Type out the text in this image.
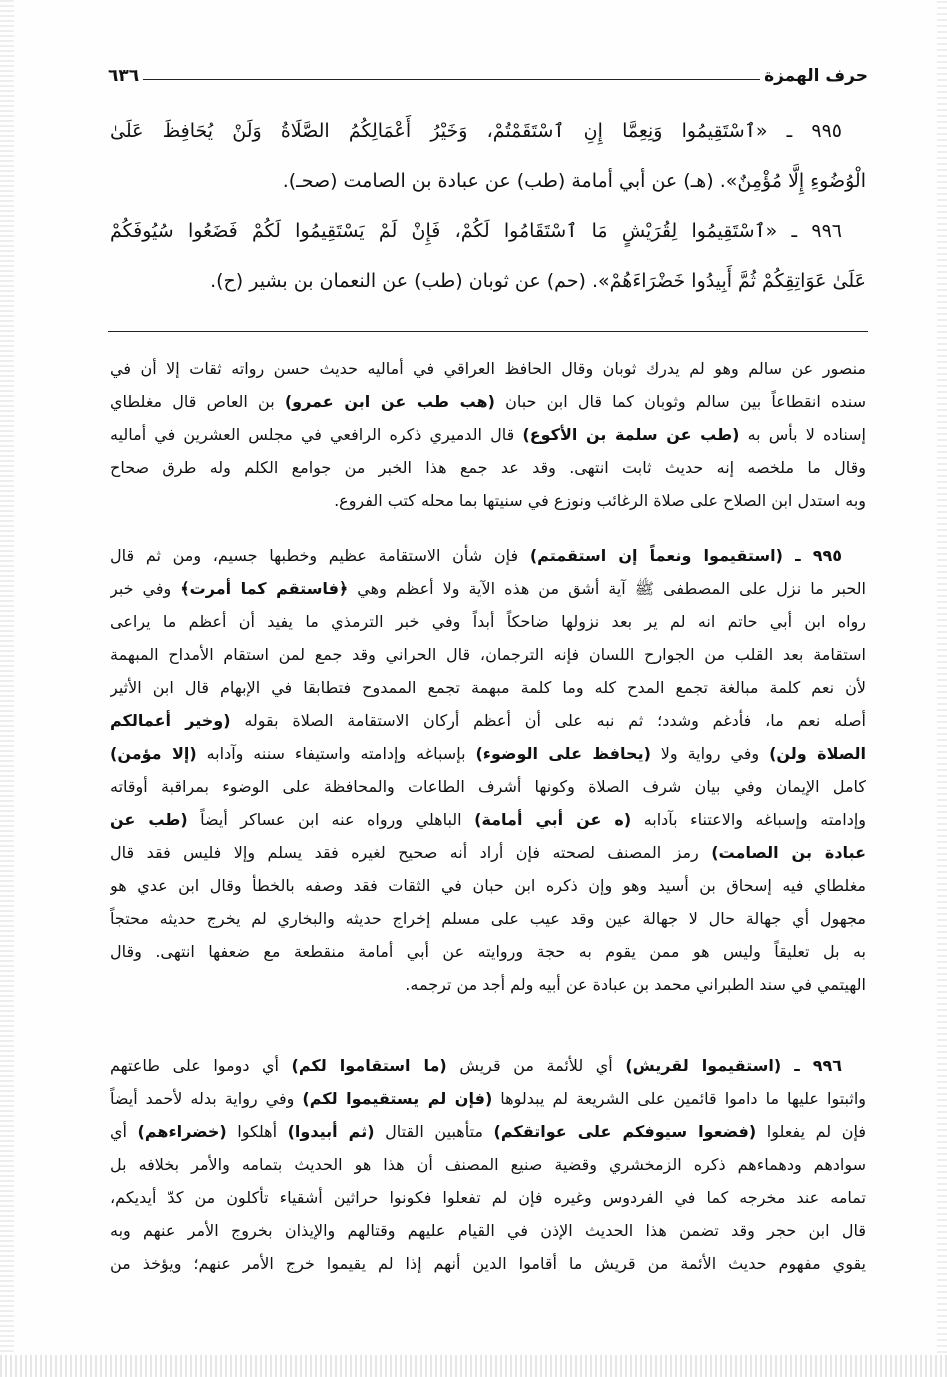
حرف الهمزة
٦٣٦
٩٩٥ ـ «ٱسْتَقِيمُوا وَنِعِمَّا إِنِ ٱسْتَقَمْتُمْ، وَخَيْرُ أَعْمَالِكُمُ الصَّلَاةُ وَلَنْ يُحَافِظَ عَلَىٰ
الْوُضُوءِ إِلَّا مُؤْمِنٌ». (هـ) عن أبي أمامة (طب) عن عبادة بن الصامت (صحـ).
٩٩٦ ـ «ٱسْتَقِيمُوا لِقُرَيْشٍ مَا ٱسْتَقَامُوا لَكُمْ، فَإِنْ لَمْ يَسْتَقِيمُوا لَكُمْ فَضَعُوا سُيُوفَكُمْ
عَلَىٰ عَوَاتِقِكُمْ ثُمَّ أَبِيدُوا خَضْرَاءَهُمْ». (حم) عن ثوبان (طب) عن النعمان بن بشير (ح).
منصور عن سالم وهو لم يدرك ثوبان وقال الحافظ العراقي في أماليه حديث حسن رواته ثقات إلا أن في
سنده انقطاعاً بين سالم وثوبان كما قال ابن حبان (هب طب عن ابن عمرو) بن العاص قال مغلطاي
إسناده لا بأس به (طب عن سلمة بن الأكوع) قال الدميري ذكره الرافعي في مجلس العشرين في أماليه
وقال ما ملخصه إنه حديث ثابت انتهى. وقد عد جمع هذا الخبر من جوامع الكلم وله طرق صحاح
وبه استدل ابن الصلاح على صلاة الرغائب ونوزع في سنيتها بما محله كتب الفروع.
٩٩٥ ـ (استقيموا ونعماً إن استقمتم) فإن شأن الاستقامة عظيم وخطبها جسيم، ومن ثم قال
الحبر ما نزل على المصطفى ﷺ آية أشق من هذه الآية ولا أعظم وهي ﴿فاستقم كما أمرت﴾ وفي خبر
رواه ابن أبي حاتم انه لم ير بعد نزولها ضاحكاً أبداً وفي خبر الترمذي ما يفيد أن أعظم ما يراعى
استقامة بعد القلب من الجوارح اللسان فإنه الترجمان، قال الحراني وقد جمع لمن استقام الأمداح المبهمة
لأن نعم كلمة مبالغة تجمع المدح كله وما كلمة مبهمة تجمع الممدوح فتطابقا في الإبهام قال ابن الأثير
أصله نعم ما، فأدغم وشدد؛ ثم نبه على أن أعظم أركان الاستقامة الصلاة بقوله (وخير أعمالكم
الصلاة ولن) وفي رواية ولا (يحافظ على الوضوء) بإسباغه وإدامته واستيفاء سننه وآدابه (إلا مؤمن)
كامل الإيمان وفي بيان شرف الصلاة وكونها أشرف الطاعات والمحافظة على الوضوء بمراقبة أوقاته
وإدامته وإسباغه والاعتناء بآدابه (ه عن أبي أمامة) الباهلي ورواه عنه ابن عساكر أيضاً (طب عن
عبادة بن الصامت) رمز المصنف لصحته فإن أراد أنه صحيح لغيره فقد يسلم وإلا فليس فقد قال
مغلطاي فيه إسحاق بن أسيد وهو وإن ذكره ابن حبان في الثقات فقد وصفه بالخطأ وقال ابن عدي هو
مجهول أي جهالة حال لا جهالة عين وقد عيب على مسلم إخراج حديثه والبخاري لم يخرج حديثه محتجاً
به بل تعليقاً وليس هو ممن يقوم به حجة وروايته عن أبي أمامة منقطعة مع ضعفها انتهى. وقال
الهيتمي في سند الطبراني محمد بن عبادة عن أبيه ولم أجد من ترجمه.
٩٩٦ ـ (استقيموا لقريش) أي للأئمة من قريش (ما استقاموا لكم) أي دوموا على طاعتهم
واثبتوا عليها ما داموا قائمين على الشريعة لم يبدلوها (فإن لم يستقيموا لكم) وفي رواية بدله لأحمد أيضاً
فإن لم يفعلوا (فضعوا سيوفكم على عواتقكم) متأهبين القتال (ثم أبيدوا) أهلكوا (خضراءهم) أي
سوادهم ودهماءهم ذكره الزمخشري وقضية صنيع المصنف أن هذا هو الحديث بتمامه والأمر بخلافه بل
تمامه عند مخرجه كما في الفردوس وغيره فإن لم تفعلوا فكونوا حراثين أشقياء تأكلون من كدّ أيديكم،
قال ابن حجر وقد تضمن هذا الحديث الإذن في القيام عليهم وقتالهم والإيذان بخروج الأمر عنهم وبه
يقوي مفهوم حديث الأئمة من قريش ما أقاموا الدين أنهم إذا لم يقيموا خرج الأمر عنهم؛ ويؤخذ من
